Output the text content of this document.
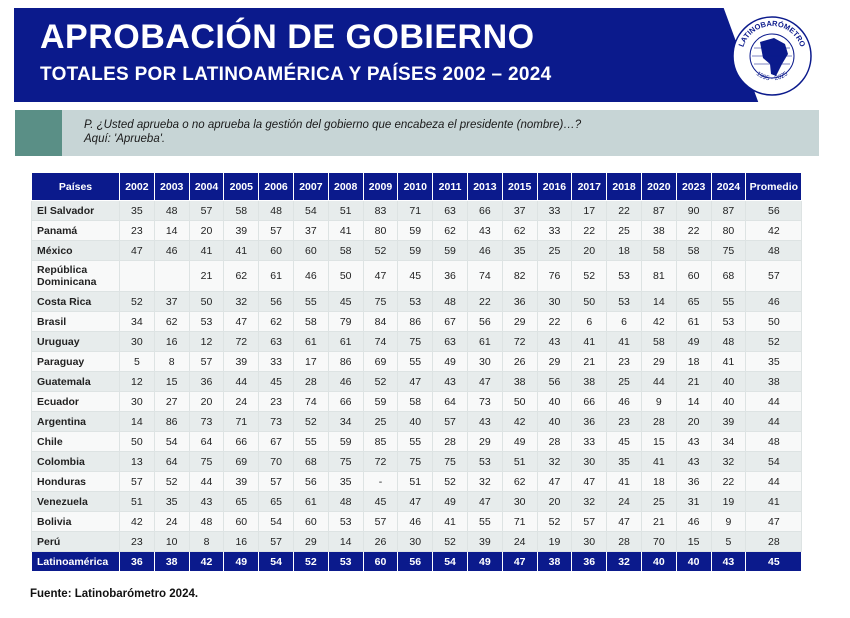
APROBACIÓN DE GOBIERNO
TOTALES POR LATINOAMÉRICA Y PAÍSES 2002 – 2024
LATINOBARÓMETRO
1995 · 2025
P. ¿Usted aprueba o no aprueba la gestión del gobierno que encabeza el presidente (nombre)…?
Aquí: 'Aprueba'.
Países	2002	2003	2004	2005	2006	2007	2008	2009	2010	2011	2013	2015	2016	2017	2018	2020	2023	2024	Promedio
El Salvador	35	48	57	58	48	54	51	83	71	63	66	37	33	17	22	87	90	87	56
Panamá	23	14	20	39	57	37	41	80	59	62	43	62	33	22	25	38	22	80	42
México	47	46	41	41	60	60	58	52	59	59	46	35	25	20	18	58	58	75	48
República Dominicana			21	62	61	46	50	47	45	36	74	82	76	52	53	81	60	68	57
Costa Rica	52	37	50	32	56	55	45	75	53	48	22	36	30	50	53	14	65	55	46
Brasil	34	62	53	47	62	58	79	84	86	67	56	29	22	6	6	42	61	53	50
Uruguay	30	16	12	72	63	61	61	74	75	63	61	72	43	41	41	58	49	48	52
Paraguay	5	8	57	39	33	17	86	69	55	49	30	26	29	21	23	29	18	41	35
Guatemala	12	15	36	44	45	28	46	52	47	43	47	38	56	38	25	44	21	40	38
Ecuador	30	27	20	24	23	74	66	59	58	64	73	50	40	66	46	9	14	40	44
Argentina	14	86	73	71	73	52	34	25	40	57	43	42	40	36	23	28	20	39	44
Chile	50	54	64	66	67	55	59	85	55	28	29	49	28	33	45	15	43	34	48
Colombia	13	64	75	69	70	68	75	72	75	75	53	51	32	30	35	41	43	32	54
Honduras	57	52	44	39	57	56	35	-	51	52	32	62	47	47	41	18	36	22	44
Venezuela	51	35	43	65	65	61	48	45	47	49	47	30	20	32	24	25	31	19	41
Bolivia	42	24	48	60	54	60	53	57	46	41	55	71	52	57	47	21	46	9	47
Perú	23	10	8	16	57	29	14	26	30	52	39	24	19	30	28	70	15	5	28
Latinoamérica	36	38	42	49	54	52	53	60	56	54	49	47	38	36	32	40	40	43	45
Fuente: Latinobarómetro 2024.
